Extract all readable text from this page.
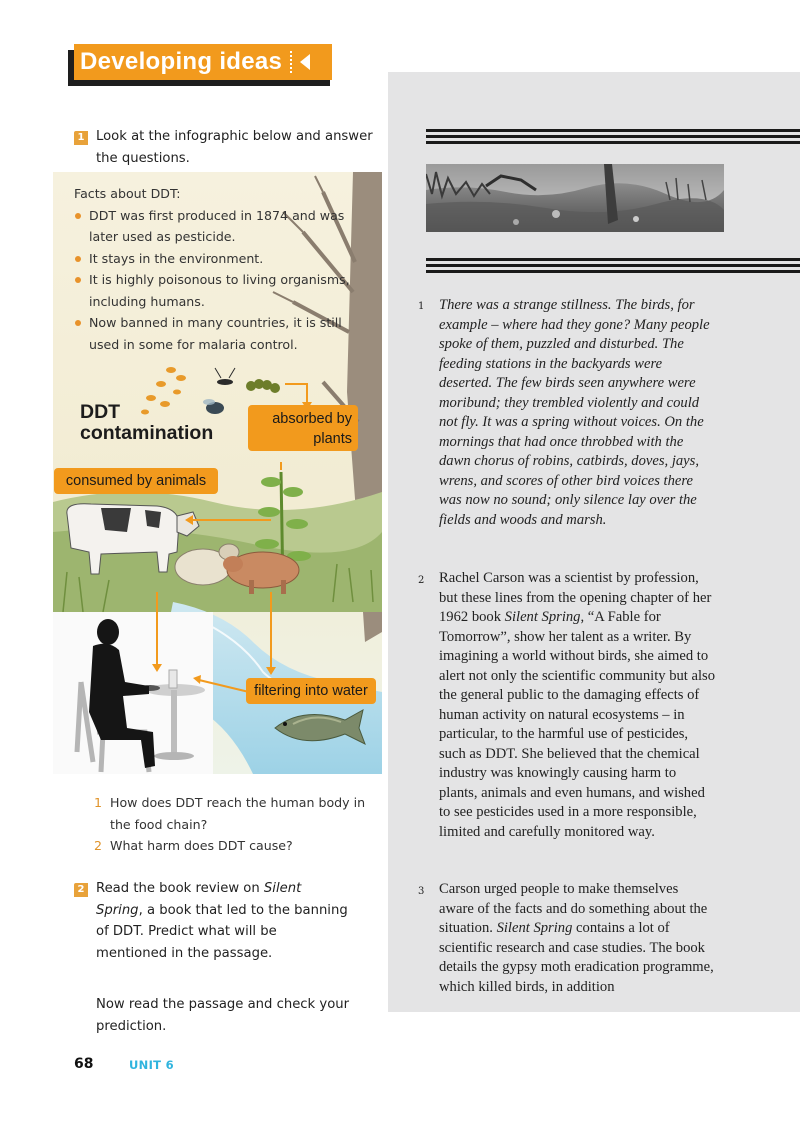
Developing ideas
1 There was a strange stillness. The birds, for example – where had they gone? Many people spoke of them, puzzled and disturbed. The feeding stations in the backyards were deserted. The few birds seen anywhere were moribund; they trembled violently and could not fly. It was a spring without voices. On the mornings that had once throbbed with the dawn chorus of robins, catbirds, doves, jays, wrens, and scores of other bird voices there was now no sound; only silence lay over the fields and woods and marsh.
2 Rachel Carson was a scientist by profession, but these lines from the opening chapter of her 1962 book Silent Spring, “A Fable for Tomorrow”, show her talent as a writer. By imagining a world without birds, she aimed to alert not only the scientific community but also the general public to the damaging effects of human activity on natural ecosystems – in particular, to the harmful use of pesticides, such as DDT. She believed that the chemical industry was knowingly causing harm to plants, animals and even humans, and wished to see pesticides used in a more responsible, limited and carefully monitored way.
3 Carson urged people to make themselves aware of the facts and do something about the situation. Silent Spring contains a lot of scientific research and case studies. The book details the gypsy moth eradication programme, which killed birds, in addition
1 Look at the infographic below and answer the questions.
Facts about DDT:
DDT was first produced in 1874 and was later used as pesticide.
It stays in the environment.
It is highly poisonous to living organisms, including humans.
Now banned in many countries, it is still used in some for malaria control.
DDT
contamination
absorbed by plants
consumed by animals
filtering into water
1 How does DDT reach the human body in the food chain?
2 What harm does DDT cause?
2 Read the book review on Silent Spring, a book that led to the banning of DDT. Predict what will be mentioned in the passage.
Now read the passage and check your prediction.
68	UNIT 6
